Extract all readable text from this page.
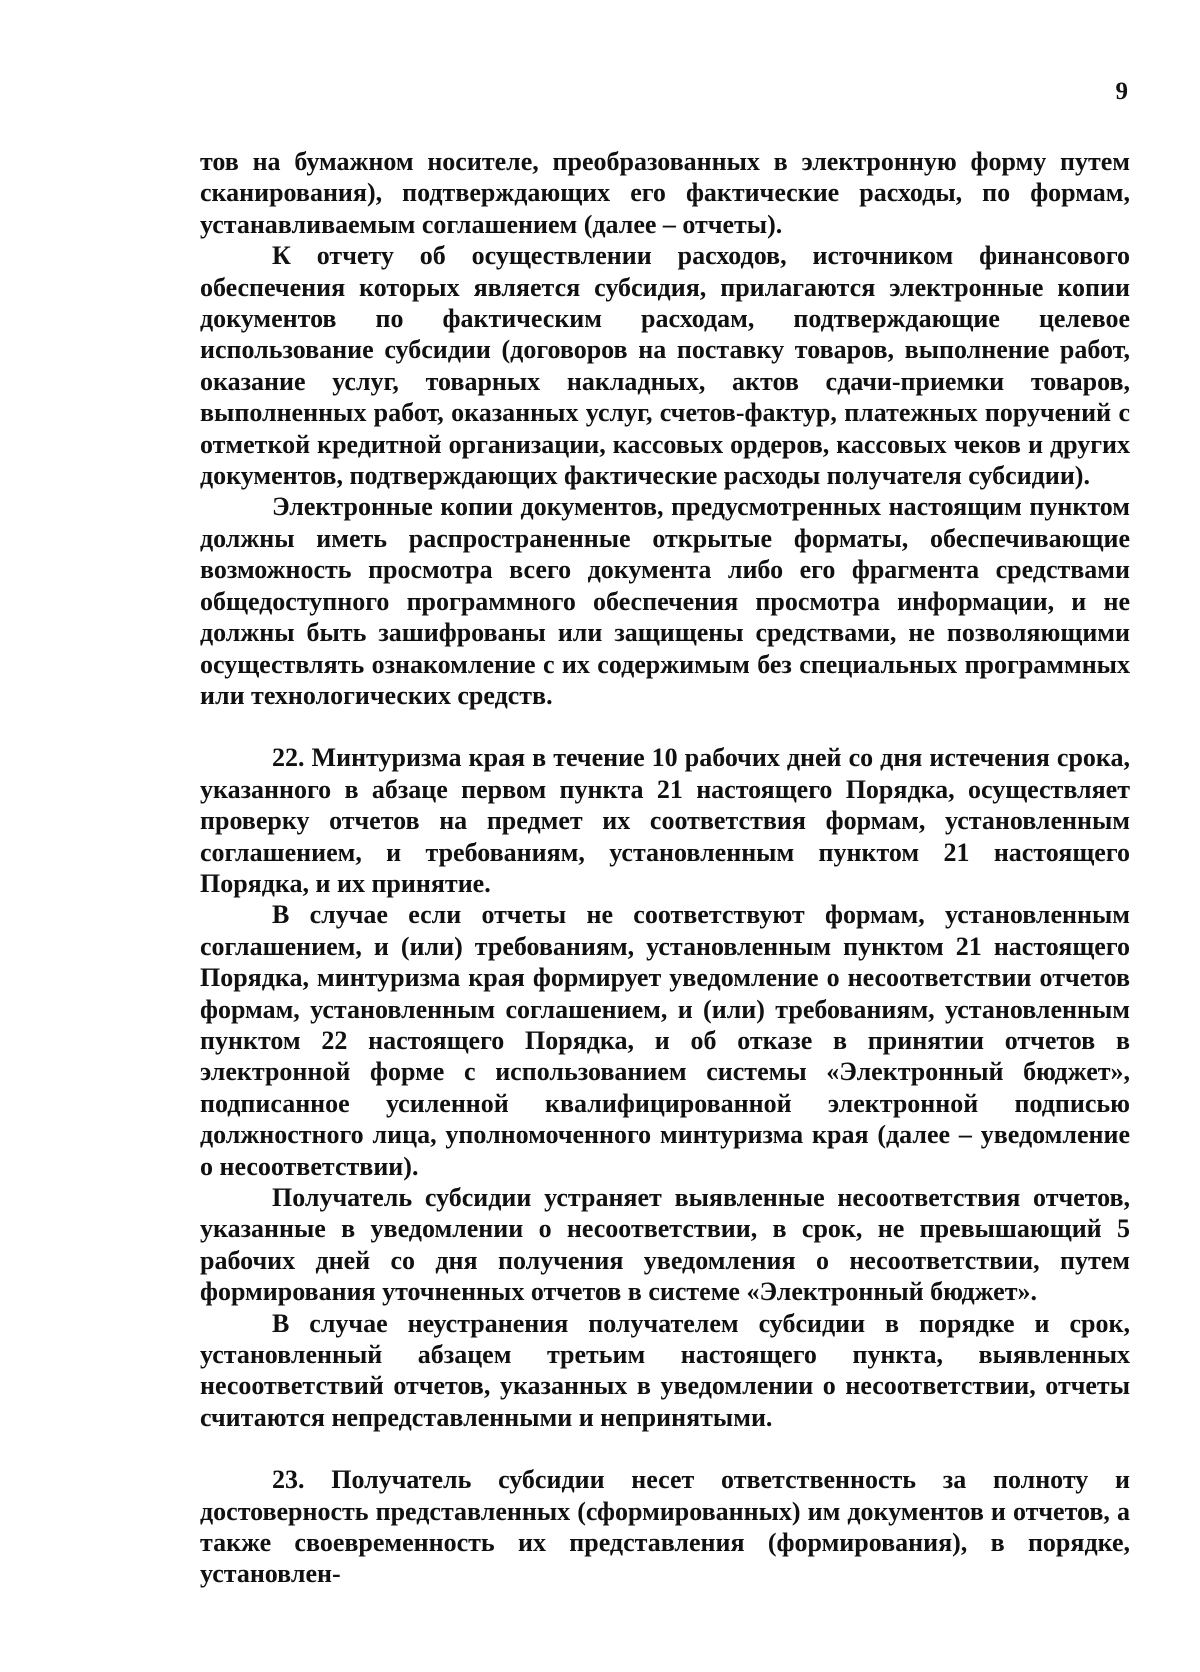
9

тов на бумажном носителе, преобразованных в электронную форму путем сканирования), подтверждающих его фактические расходы, по формам, устанавливаемым соглашением (далее – отчеты).

К отчету об осуществлении расходов, источником финансового обеспечения которых является субсидия, прилагаются электронные копии документов по фактическим расходам, подтверждающие целевое использование субсидии (договоров на поставку товаров, выполнение работ, оказание услуг, товарных накладных, актов сдачи-приемки товаров, выполненных работ, оказанных услуг, счетов-фактур, платежных поручений с отметкой кредитной организации, кассовых ордеров, кассовых чеков и других документов, подтверждающих фактические расходы получателя субсидии).

Электронные копии документов, предусмотренных настоящим пунктом должны иметь распространенные открытые форматы, обеспечивающие возможность просмотра всего документа либо его фрагмента средствами общедоступного программного обеспечения просмотра информации, и не должны быть зашифрованы или защищены средствами, не позволяющими осуществлять ознакомление с их содержимым без специальных программных или технологических средств.

22. Минтуризма края в течение 10 рабочих дней со дня истечения срока, указанного в абзаце первом пункта 21 настоящего Порядка, осуществляет проверку отчетов на предмет их соответствия формам, установленным соглашением, и требованиям, установленным пунктом 21 настоящего Порядка, и их принятие.

В случае если отчеты не соответствуют формам, установленным соглашением, и (или) требованиям, установленным пунктом 21 настоящего Порядка, минтуризма края формирует уведомление о несоответствии отчетов формам, установленным соглашением, и (или) требованиям, установленным пунктом 22 настоящего Порядка, и об отказе в принятии отчетов в электронной форме с использованием системы «Электронный бюджет», подписанное усиленной квалифицированной электронной подписью должностного лица, уполномоченного минтуризма края (далее – уведомление о несоответствии).

Получатель субсидии устраняет выявленные несоответствия отчетов, указанные в уведомлении о несоответствии, в срок, не превышающий 5 рабочих дней со дня получения уведомления о несоответствии, путем формирования уточненных отчетов в системе «Электронный бюджет».

В случае неустранения получателем субсидии в порядке и срок, установленный абзацем третьим настоящего пункта, выявленных несоответствий отчетов, указанных в уведомлении о несоответствии, отчеты считаются непредставленными и непринятыми.

23. Получатель субсидии несет ответственность за полноту и достоверность представленных (сформированных) им документов и отчетов, а также своевременность их представления (формирования), в порядке, установлен-
